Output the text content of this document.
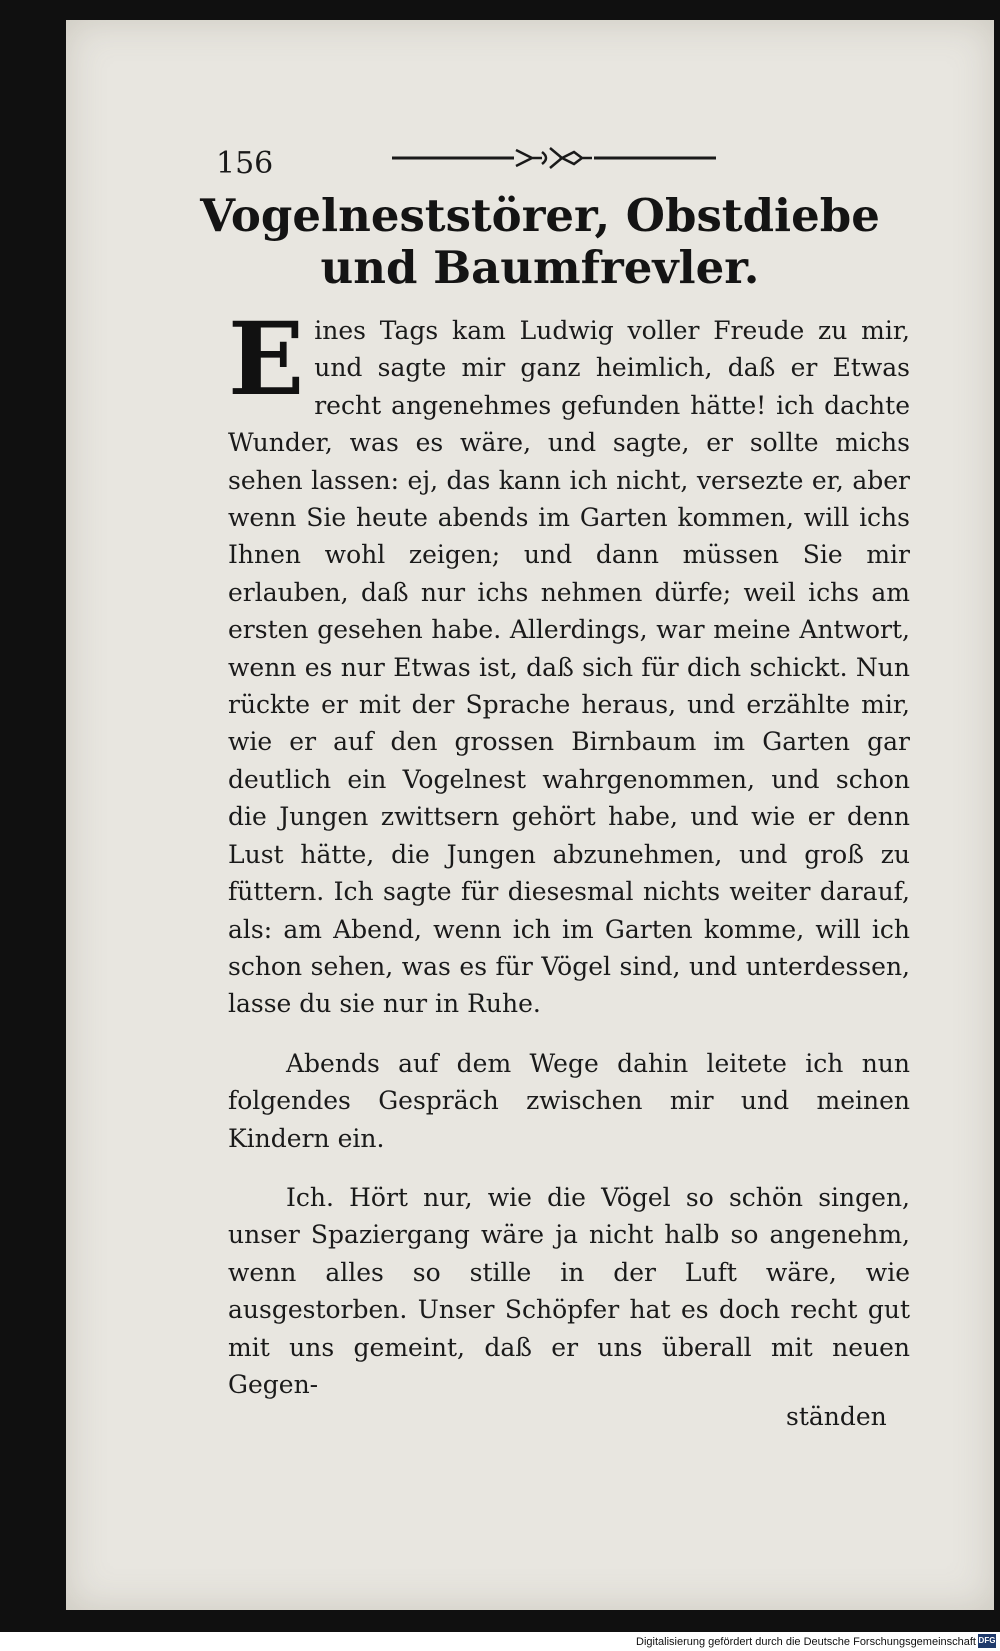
156
Vogelneststörer, Obstdiebe und Baumfrevler.

Eines Tags kam Ludwig voller Freude zu mir, und sagte mir ganz heimlich, daß er Etwas recht angenehmes gefunden hätte! ich dachte Wunder, was es wäre, und sagte, er sollte michs sehen lassen: ej, das kann ich nicht, versezte er, aber wenn Sie heute abends im Garten kommen, will ichs Ihnen wohl zeigen; und dann müssen Sie mir erlauben, daß nur ichs nehmen dürfe; weil ichs am ersten gesehen habe. Allerdings, war meine Antwort, wenn es nur Etwas ist, daß sich für dich schickt. Nun rückte er mit der Sprache heraus, und erzählte mir, wie er auf den grossen Birnbaum im Garten gar deutlich ein Vogelnest wahrgenommen, und schon die Jungen zwittsern gehört habe, und wie er denn Lust hätte, die Jungen abzunehmen, und groß zu füttern. Ich sagte für diesesmal nichts weiter darauf, als: am Abend, wenn ich im Garten komme, will ich schon sehen, was es für Vögel sind, und unterdessen, lasse du sie nur in Ruhe.

Abends auf dem Wege dahin leitete ich nun folgendes Gespräch zwischen mir und meinen Kindern ein.

Ich. Hört nur, wie die Vögel so schön singen, unser Spaziergang wäre ja nicht halb so angenehm, wenn alles so stille in der Luft wäre, wie ausgestorben. Unser Schöpfer hat es doch recht gut mit uns gemeint, daß er uns überall mit neuen Gegen-

ständen
Digitalisierung gefördert durch die Deutsche Forschungsgemeinschaft DFG
